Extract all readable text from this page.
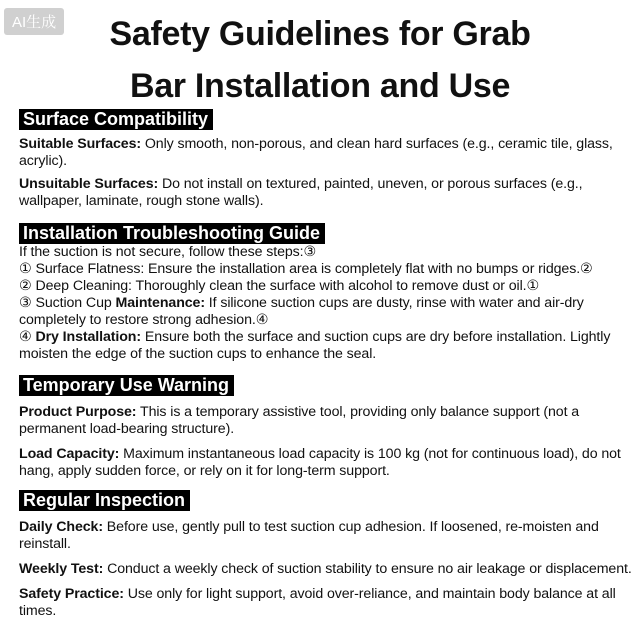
AI生成	Safety Guidelines for Grab

Bar Installation and Use

Surface Compatibility

Suitable Surfaces: Only smooth, non-porous, and clean hard surfaces (e.g., ceramic tile, glass, acrylic).

Unsuitable Surfaces: Do not install on textured, painted, uneven, or porous surfaces (e.g., wallpaper, laminate, rough stone walls).

Installation Troubleshooting Guide

If the suction is not secure, follow these steps:③

① Surface Flatness: Ensure the installation area is completely flat with no bumps or ridges.②

② Deep Cleaning: Thoroughly clean the surface with alcohol to remove dust or oil.①

③ Suction Cup Maintenance: If silicone suction cups are dusty, rinse with water and air-dry completely to restore strong adhesion.④

④ Dry Installation: Ensure both the surface and suction cups are dry before installation. Lightly moisten the edge of the suction cups to enhance the seal.

Temporary Use Warning

Product Purpose: This is a temporary assistive tool, providing only balance support (not a permanent load-bearing structure).

Load Capacity: Maximum instantaneous load capacity is 100 kg (not for continuous load), do not hang, apply sudden force, or rely on it for long-term support.

Regular Inspection

Daily Check: Before use, gently pull to test suction cup adhesion. If loosened, re-moisten and reinstall.

Weekly Test: Conduct a weekly check of suction stability to ensure no air leakage or displacement.

Safety Practice: Use only for light support, avoid over-reliance, and maintain body balance at all times.
